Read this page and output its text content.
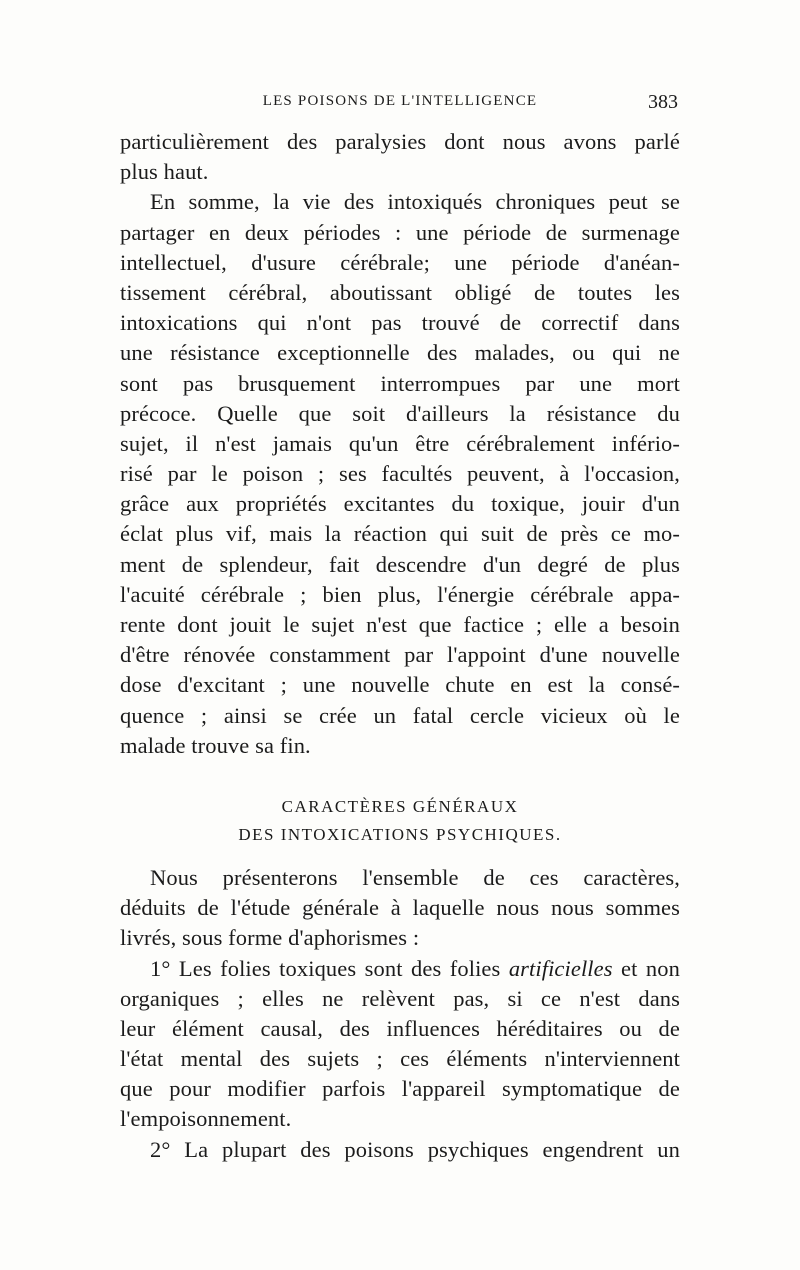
LES POISONS DE L'INTELLIGENCE	383
particulièrement des paralysies dont nous avons parlé
plus haut.
En somme, la vie des intoxiqués chroniques peut se
partager en deux périodes : une période de surmenage
intellectuel, d'usure cérébrale; une période d'anéan-
tissement cérébral, aboutissant obligé de toutes les
intoxications qui n'ont pas trouvé de correctif dans
une résistance exceptionnelle des malades, ou qui ne
sont pas brusquement interrompues par une mort
précoce. Quelle que soit d'ailleurs la résistance du
sujet, il n'est jamais qu'un être cérébralement infério-
risé par le poison ; ses facultés peuvent, à l'occasion,
grâce aux propriétés excitantes du toxique, jouir d'un
éclat plus vif, mais la réaction qui suit de près ce mo-
ment de splendeur, fait descendre d'un degré de plus
l'acuité cérébrale ; bien plus, l'énergie cérébrale appa-
rente dont jouit le sujet n'est que factice ; elle a besoin
d'être rénovée constamment par l'appoint d'une nouvelle
dose d'excitant ; une nouvelle chute en est la consé-
quence ; ainsi se crée un fatal cercle vicieux où le
malade trouve sa fin.
CARACTÈRES GÉNÉRAUX
DES INTOXICATIONS PSYCHIQUES.
Nous présenterons l'ensemble de ces caractères,
déduits de l'étude générale à laquelle nous nous sommes
livrés, sous forme d'aphorismes :
1° Les folies toxiques sont des folies artificielles et non
organiques ; elles ne relèvent pas, si ce n'est dans
leur élément causal, des influences héréditaires ou de
l'état mental des sujets ; ces éléments n'interviennent
que pour modifier parfois l'appareil symptomatique de
l'empoisonnement.
2° La plupart des poisons psychiques engendrent un
